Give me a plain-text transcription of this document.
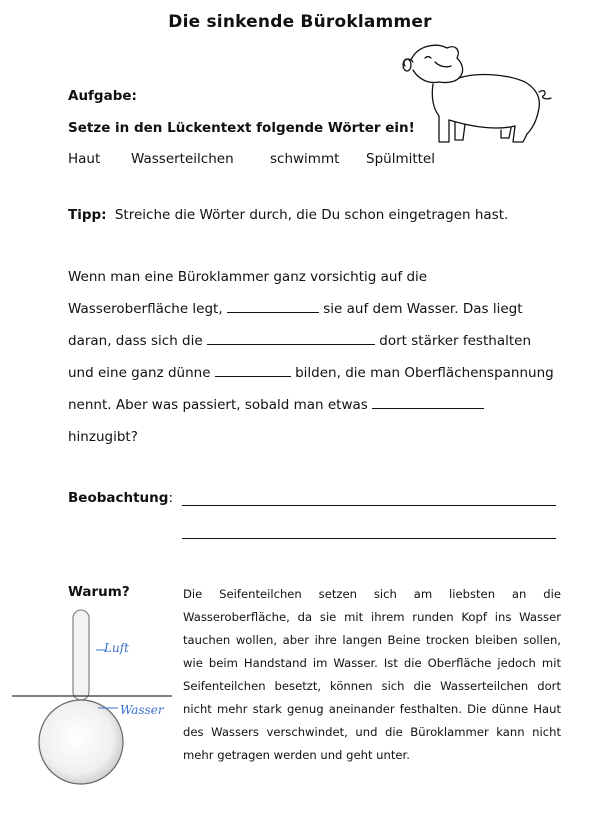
Die sinkende Büroklammer
Aufgabe:
Setze in den Lückentext folgende Wörter ein!
Haut Wasserteilchen	schwimmt Spülmittel
Tipp: Streiche die Wörter durch, die Du schon eingetragen hast.
Wenn man eine Büroklammer ganz vorsichtig auf die
Wasseroberfläche legt,	sie auf dem Wasser. Das liegt
daran, dass sich die	dort stärker festhalten
und eine ganz dünne	bilden, die man Oberflächenspannung
nennt. Aber was passiert, sobald man etwas
hinzugibt?
Beobachtung:
Warum?	Die Seifenteilchen setzen sich am liebsten an die Wasseroberfläche, da sie mit ihrem runden Kopf ins Wasser tauchen wollen, aber ihre langen Beine trocken bleiben sollen, wie beim Handstand im Wasser. Ist die Oberfläche jedoch mit Seifenteilchen besetzt, können sich die Wasserteilchen dort nicht mehr stark genug aneinander festhalten. Die dünne Haut des Wassers verschwindet, und die Büroklammer kann nicht mehr getragen werden und geht unter.
Luft
Wasser
